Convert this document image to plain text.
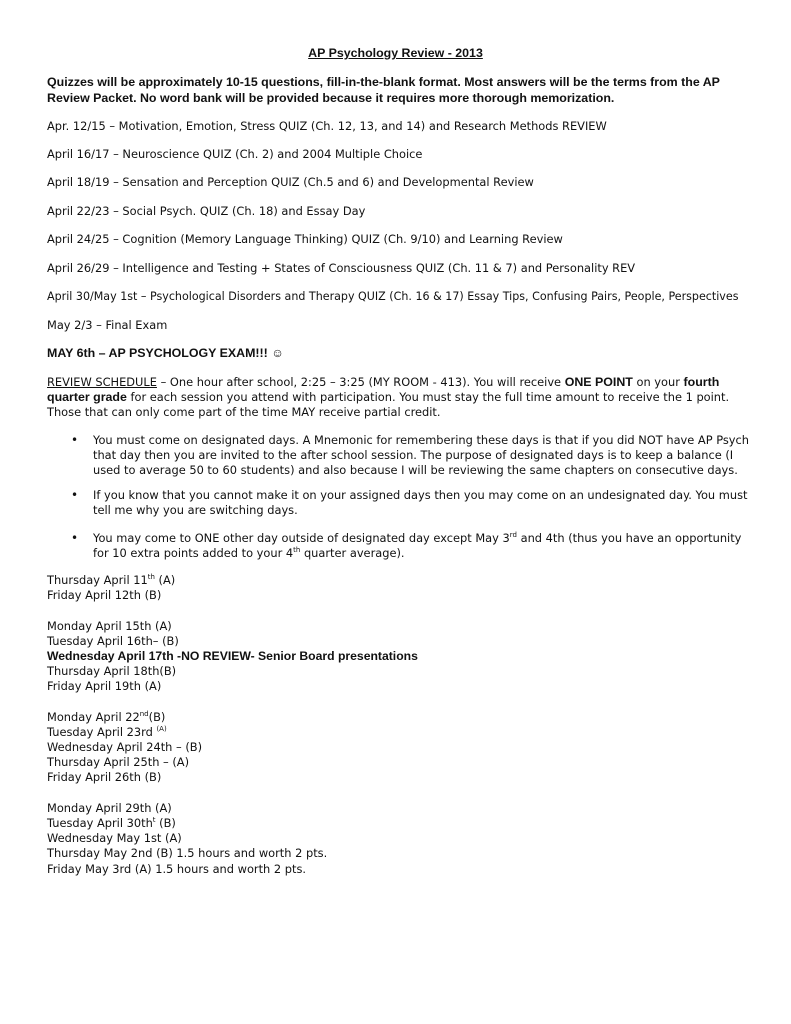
AP Psychology Review - 2013
Quizzes will be approximately 10-15 questions, fill-in-the-blank format. Most answers will be the terms from the AP Review Packet. No word bank will be provided because it requires more thorough memorization.
Apr. 12/15 – Motivation, Emotion, Stress QUIZ (Ch. 12, 13, and 14) and Research Methods REVIEW
April 16/17 – Neuroscience QUIZ (Ch. 2) and 2004 Multiple Choice
April 18/19 – Sensation and Perception QUIZ (Ch.5 and 6) and Developmental Review
April 22/23 – Social Psych. QUIZ (Ch. 18) and Essay Day
April 24/25 – Cognition (Memory Language Thinking) QUIZ (Ch. 9/10) and Learning Review
April 26/29 – Intelligence and Testing + States of Consciousness QUIZ (Ch. 11 & 7) and Personality REV
April 30/May 1st – Psychological Disorders and Therapy QUIZ (Ch. 16 & 17) Essay Tips, Confusing Pairs, People, Perspectives
May 2/3 – Final Exam
MAY 6th – AP PSYCHOLOGY EXAM!!! ☺
REVIEW SCHEDULE – One hour after school, 2:25 – 3:25 (MY ROOM - 413). You will receive ONE POINT on your fourth quarter grade for each session you attend with participation. You must stay the full time amount to receive the 1 point. Those that can only come part of the time MAY receive partial credit.
• You must come on designated days. A Mnemonic for remembering these days is that if you did NOT have AP Psych that day then you are invited to the after school session. The purpose of designated days is to keep a balance (I used to average 50 to 60 students) and also because I will be reviewing the same chapters on consecutive days.
• If you know that you cannot make it on your assigned days then you may come on an undesignated day. You must tell me why you are switching days.
• You may come to ONE other day outside of designated day except May 3rd and 4th (thus you have an opportunity for 10 extra points added to your 4th quarter average).
Thursday April 11th (A)
Friday April 12th (B)
Monday April 15th (A)
Tuesday April 16th– (B)
Wednesday April 17th -NO REVIEW- Senior Board presentations
Thursday April 18th(B)
Friday April 19th (A)
Monday April 22nd(B)
Tuesday April 23rd $^{(A)}$
Wednesday April 24th – (B)
Thursday April 25th – (A)
Friday April 26th (B)
Monday April 29th (A)
Tuesday April $30th^t$ (B)
Wednesday May 1st (A)
Thursday May 2nd (B) 1.5 hours and worth 2 pts.
Friday May 3rd (A) 1.5 hours and worth 2 pts.
